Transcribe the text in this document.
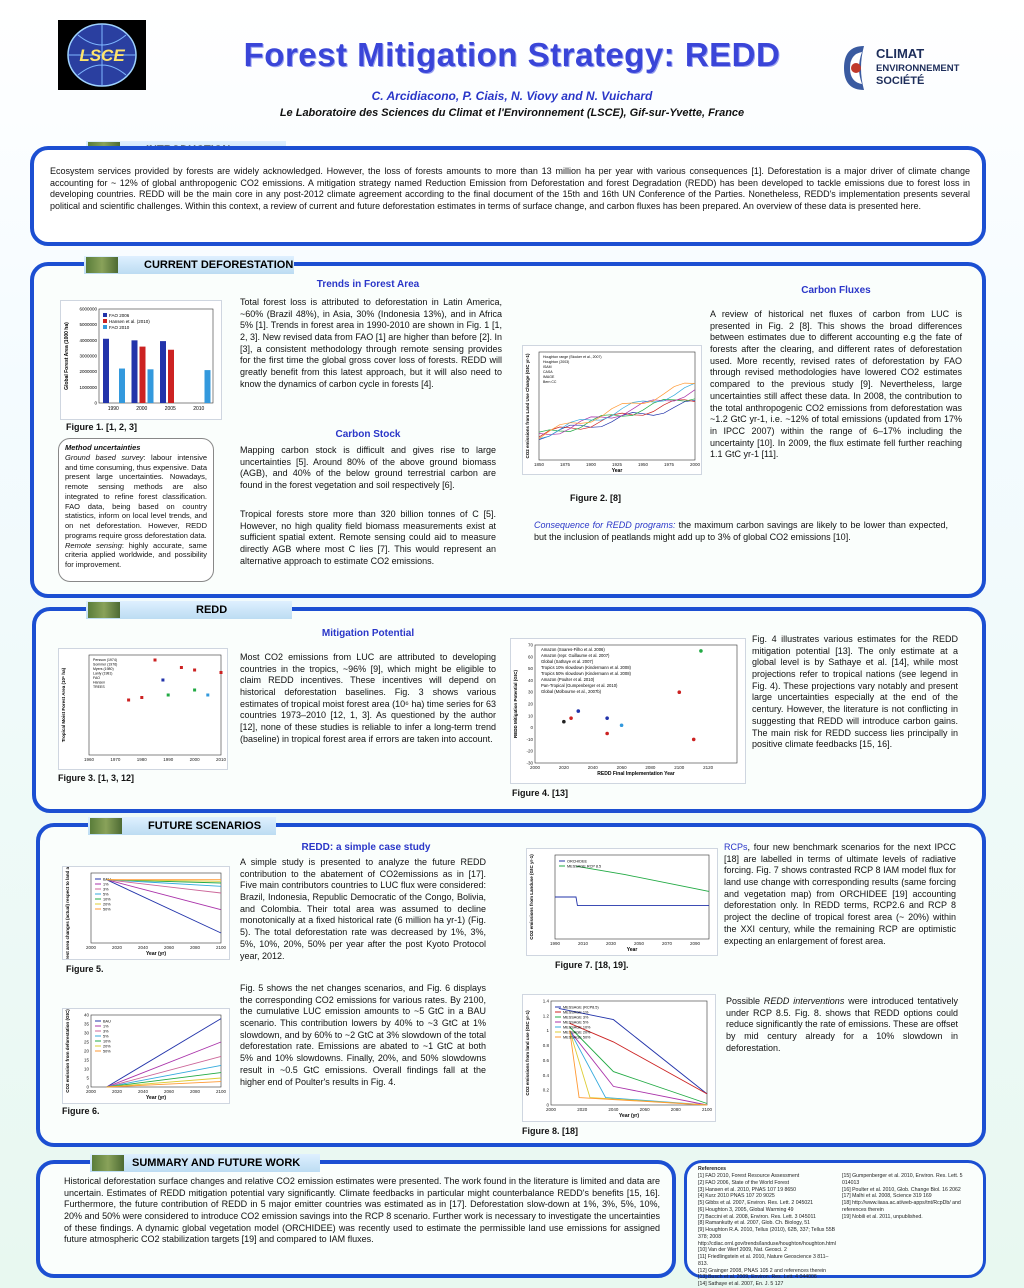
LSCE	Forest Mitigation Strategy: REDD
C. Arcidiacono, P. Ciais, N. Viovy and N. Vuichard
Le Laboratoire des Sciences du Climat et l'Environnement (LSCE), Gif-sur-Yvette, France
CLIMAT
ENVIRONNEMENT
SOCIÉTÉ
Ecosystem services provided by forests are widely acknowledged. However, the loss of forests amounts to more than 13 million ha per year with various consequences [1]. Deforestation is a major driver of climate change accounting for ~ 12% of global anthropogenic CO2 emissions. A mitigation strategy named Reduction Emission from Deforestation and forest Degradation (REDD) has been developed to tackle emissions due to forest loss in developing countries. REDD will be the main core in any post-2012 climate agreement according to the final document of the 15th and 16th UN Conference of the Parties. Nonetheless, REDD's implementation presents several political and scientific challenges. Within this context, a review of current and future deforestation estimates in terms of surface change, and carbon fluxes has been prepared. An overview of these data is presented here.
CURRENT DEFORESTATION
0
1000000
2000000
3000000
4000000
5000000
6000000
Global Forest Area (1000 ha)
1990	2000	2005	2010
FAO 2006
Hansen et al. (2010)
FAO 2010
Figure 1. [1, 2, 3]
Method uncertainties
Ground based survey: labour intensive and time consuming, thus expensive. Data present large uncertainties. Nowadays, remote sensing methods are also integrated to refine forest classification. FAO data, being based on country statistics, inform on local level trends, and on net deforestation. However, REDD programs require gross deforestation data.
Remote sensing: highly accurate, same criteria applied worldwide, and possibility for improvement.
Trends in Forest Area
Total forest loss is attributed to deforestation in Latin America, ~60% (Brazil 48%), in Asia, 30% (Indonesia 13%), and in Africa 5% [1]. Trends in forest area in 1990-2010 are shown in Fig. 1 [1, 2, 3]. New revised data from FAO [1] are higher than before [2]. In [3], a consistent methodology through remote sensing provides for the first time the global gross cover loss of forests. REDD will greatly benefit from this latest approach, but it will also need to know the dynamics of carbon cycle in forests [4].
Carbon Stock
Mapping carbon stock is difficult and gives rise to large uncertainties [5]. Around 80% of the above ground biomass (AGB), and 40% of the below ground terrestrial carbon are found in the forest vegetation and soil respectively [6].
Tropical forests store more than 320 billion tonnes of C [5]. However, no high quality field biomass measurements exist at sufficient spatial extent. Remote sensing could aid to measure directly AGB where most C lies [7]. This would represent an alternative approach to estimate CO2 emissions.
1850	1875	1900	1925	1950	1975	2000
Year
CO2 emissions from Land Use Change (GtC yr-1)	Houghton range (Stocker et al., 2007)
Houghton (2003)
ISAM
CASA
IMAGE
Bern CC
Figure 2. [8]
Carbon Fluxes
A review of historical net fluxes of carbon from LUC is presented in Fig. 2 [8]. This shows the broad differences between estimates due to different accounting e.g the fate of forests after the clearing, and different rates of deforestation used. More recently, revised rates of deforestation by FAO through revised methodologies have lowered CO2 estimates compared to the previous study [9]. Nevertheless, large uncertainties still affect these data. In 2008, the contribution to the total anthropogenic CO2 emissions from deforestation was ~1.2 GtC yr-1, i.e. ~12% of total emissions (updated from 17% in IPCC 2007) within the range of 6–17% including the uncertainty [10]. In 2009, the flux estimate fell further reaching 1.1 GtC yr-1 [11].
Consequence for REDD programs: the maximum carbon savings are likely to be lower than expected, but the inclusion of peatlands might add up to 3% of global CO2 emissions [10].
REDD
1960	1970	1980	1990	2000	2010
Tropical Moist Forest Area (10⁶ ha)
Persson (1974)
Sommer (1976)
Myers (1980)
Lanly (1981)
FAO
Hansen
TREES
Figure 3. [1, 3, 12]
Mitigation Potential
Most CO2 emissions from LUC are attributed to developing countries in the tropics, ~96% [9], which might be eligible to claim REDD incentives. These incentives will depend on historical deforestation baselines. Fig. 3 shows various estimates of tropical moist forest area (10⁶ ha) time series for 63 countries 1973–2010 [12, 1, 3]. As questioned by the author [12], none of these studies is reliable to infer a long-term trend (baseline) in tropical forest area if errors are taken into account.
2000	2020	2040	2060	2080	2100	2120
-30
-20
-10
0
10
20
30
40
50
60
70
REDD Final Implementation Year
REDD Mitigation Potential (GtC)
Amazon (Soares-Filho et al. 2006)
Amazon (repr. Guillaume et al. 2007)
Global (Sathaye et al. 2007)
Tropics 10% slowdown (Kindermann et al. 2008)
Tropics 50% slowdown (Kindermann et al. 2008)
Amazon (Poulter et al. 2010)
Pan-Tropical (Gumpenberger et al. 2010)
Global (Molbourne et al., 2007b)
Figure 4. [13]
Fig. 4 illustrates various estimates for the REDD mitigation potential [13]. The only estimate at a global level is by Sathaye et al. [14], while most projections refer to tropical nations (see legend in Fig. 4). These projections vary notably and present large uncertainties especially at the end of the century. However, the literature is not conflicting in suggesting that REDD will introduce carbon gains. The main risk for REDD success lies principally in positive climate feedbacks [15, 16].
FUTURE SCENARIOS
2000	2020	2040	2060	2080	2100
Year (yr)
Net forest area changes (actual) respect to land area at 2010	BAU
1%
3%
5%
10%
20%
50%
Figure 5.
2000	2020	2040	2060	2080	2100
0
5
10
15
20
25
30
35
40
Year (yr)
CO2 emission from deforestation (GtC)	BAU
1%
3%
5%
10%
20%
50%
Figure 6.
REDD: a simple case study
A simple study is presented to analyze the future REDD contribution to the abatement of CO2emissions as in [17]. Five main contributors countries to LUC flux were considered: Brazil, Indonesia, Republic Democratic of the Congo, Bolivia, and Colombia. Their total area was assumed to decline monotonically at a fixed historical rate (6 million ha yr-1) (Fig. 5). The total deforestation rate was decreased by 1%, 3%, 5%, 10%, 20%, 50% per year after the post Kyoto Protocol year, 2012.
Fig. 5 shows the net changes scenarios, and Fig. 6 displays the corresponding CO2 emissions for various rates. By 2100, the cumulative LUC emission amounts to ~5 GtC in a BAU scenario. This contribution lowers by 40% to ~3 GtC at 1% slowdown, and by 60% to ~2 GtC at 3% slowdown of the total deforestation rate. Emissions are abated to ~1 GtC at both 5% and 10% slowdowns. Finally, 20%, and 50% slowdowns result in ~0.5 GtC emissions. Overall findings fall at the higher end of Poulter's results in Fig. 4.
1990	2010	2030	2050	2070	2090
Year
CO2 emissions from Landuse (GtC yr-1)	ORCHIDEE
MESSAGE RCP 8.5
Figure 7. [18, 19].
2000	2020	2040	2060	2080	2100
0
0.2
0.4
0.6
0.8
1
1.2
1.4
Year (yr)
CO2 emissions from land use (GtC yr-1)
MESSAGE (RCP8.5)
MESSAGE 1%
MESSAGE 3%
MESSAGE 5%
MESSAGE 10%
MESSAGE 20%
MESSAGE 50%
Figure 8. [18]
RCPs, four new benchmark scenarios for the next IPCC [18] are labelled in terms of ultimate levels of radiative forcing. Fig. 7 shows contrasted RCP 8 IAM model flux for land use change with corresponding results (same forcing and vegetation map) from ORCHIDEE [19] accounting deforestation only. In REDD terms, RCP2.6 and RCP 8 project the decline of tropical forest area (~ 20%) within the XXI century, while the remaining RCP are optimistic expecting an enlargement of forest area.
Possible REDD interventions were introduced tentatively under RCP 8.5. Fig. 8. shows that REDD options could reduce significantly the rate of emissions. These are offset by mid century already for a 10% slowdown in deforestation.
SUMMARY AND FUTURE WORK
Historical deforestation surface changes and relative CO2 emission estimates were presented. The work found in the literature is limited and data are uncertain. Estimates of REDD mitigation potential vary significantly. Climate feedbacks in particular might counterbalance REDD's benefits [15, 16]. Furthermore, the future contribution of REDD in 5 major emitter countries was estimated as in [17]. Deforestation slow-down at 1%, 3%, 5%, 10%, 20% and 50% were considered to introduce CO2 emission savings into the RCP 8 scenario. Further work is necessary to investigate the uncertainties of these findings. A dynamic global vegetation model (ORCHIDEE) was recently used to estimate the permissible land use emissions for assigned future atmospheric CO2 stabilization targets [19] and compared to IAM fluxes.
References
[1] FAO 2010, Forest Resource Assessment
[2] FAO 2006, State of the World Forest
[3] Hansen et al. 2010, PNAS 107 19 8650
[4] Kurz 2010 PNAS 107 20 9025
[5] Gibbs et al. 2007, Environ. Res. Lett. 2 045021
[6] Houghton 3, 2005, Global Warming 49
[7] Baccini et al. 2008, Environ. Res. Lett. 3 045011
[8] Ramankutty et al. 2007, Glob. Ch. Biology, 51
[9] Houghton R.A. 2010, Tellus (2010), 62B, 337; Tellus 55B 378; 2008 http://cdiac.ornl.gov/trends/landuse/houghton/houghton.html
[10] Van der Werf 2009, Nat. Geosci. 2
[11] Friedlingstein et al. 2010, Nature Geoscience 3 811–813.
[12] Grainger 2008, PNAS 105 2 and references therein
[13] Busch et al. 2009, Environ. Res. Lett. 4 044006
[14] Sathaye et al. 2007, En. J. 5 127
[15] Gumpenberger et al. 2010, Environ. Res. Lett. 5 014013
[16] Poulter et al. 2010, Glob. Change Biol. 16 2062
[17] Malhi et al. 2008, Science 319 169
[18] http://www.iiasa.ac.at/web-apps/tnt/RcpDb/ and references therein
[19] Nobili et al. 2011, unpublished.
